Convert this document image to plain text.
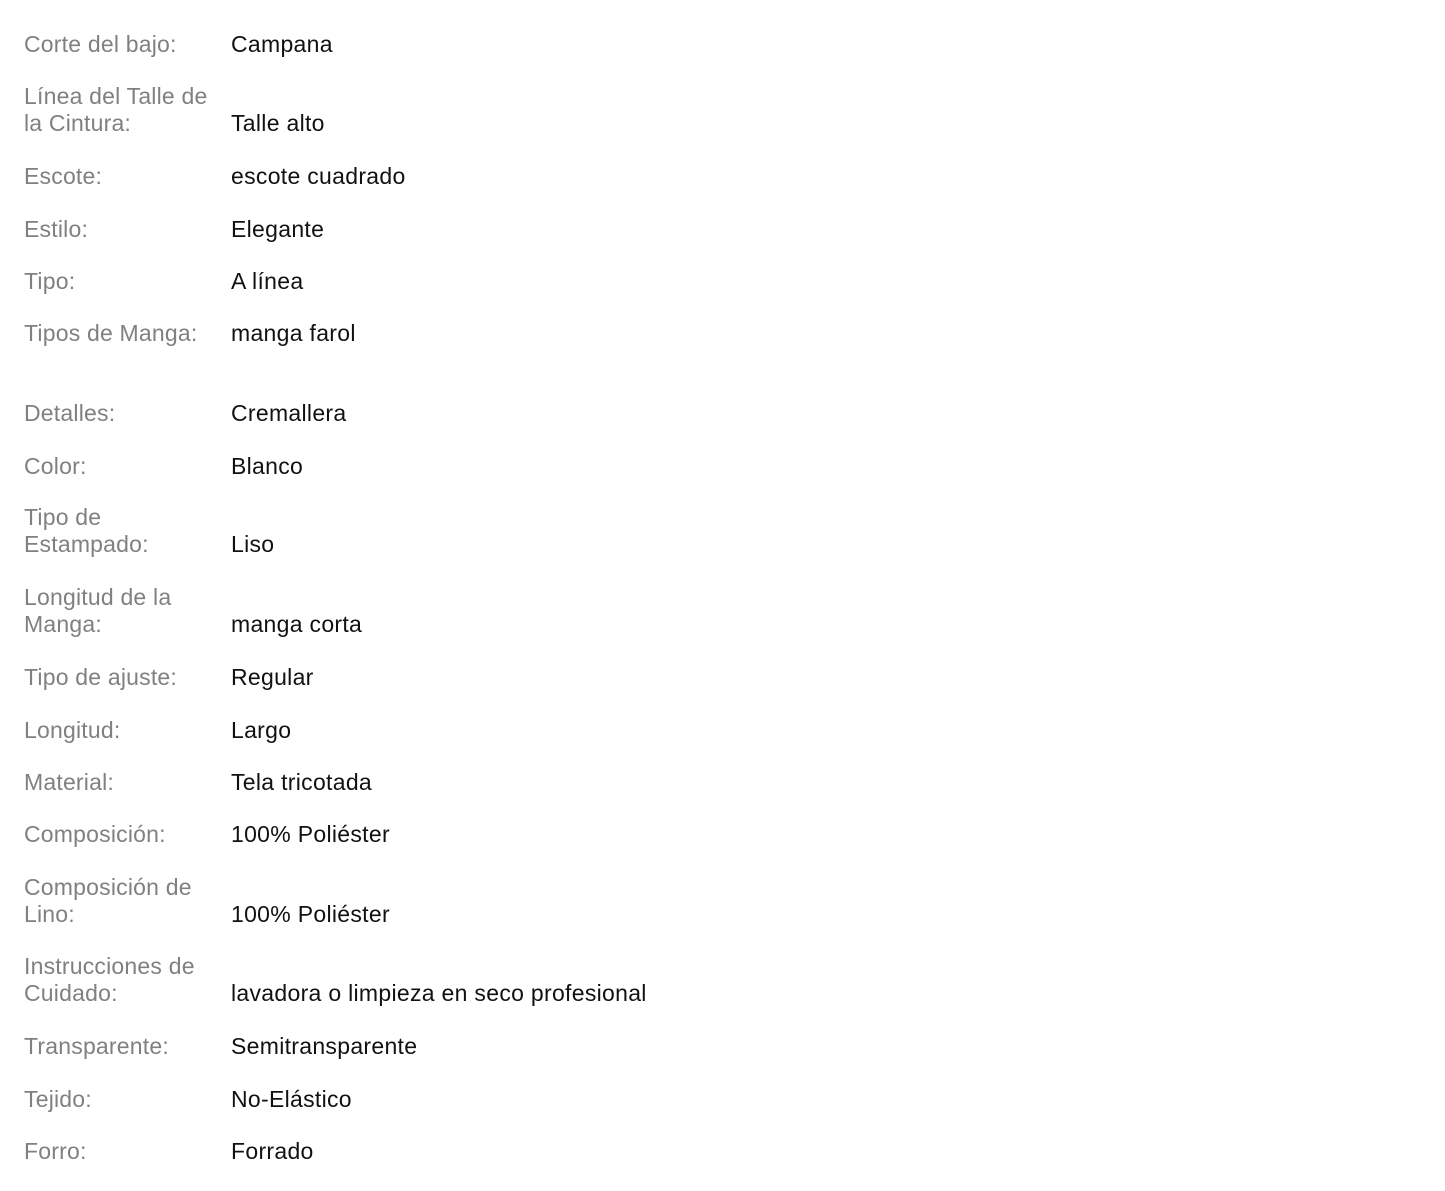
Corte del bajo:	Campana
Línea del Talle de la Cintura:	Talle alto
Escote:	escote cuadrado
Estilo:	Elegante
Tipo:	A línea
Tipos de Manga:	manga farol
Detalles:	Cremallera
Color:	Blanco
Tipo de Estampado:	Liso
Longitud de la Manga:	manga corta
Tipo de ajuste:	Regular
Longitud:	Largo
Material:	Tela tricotada
Composición:	100% Poliéster
Composición de Lino:	100% Poliéster
Instrucciones de Cuidado:	lavadora o limpieza en seco profesional
Transparente:	Semitransparente
Tejido:	No-Elástico
Forro:	Forrado
